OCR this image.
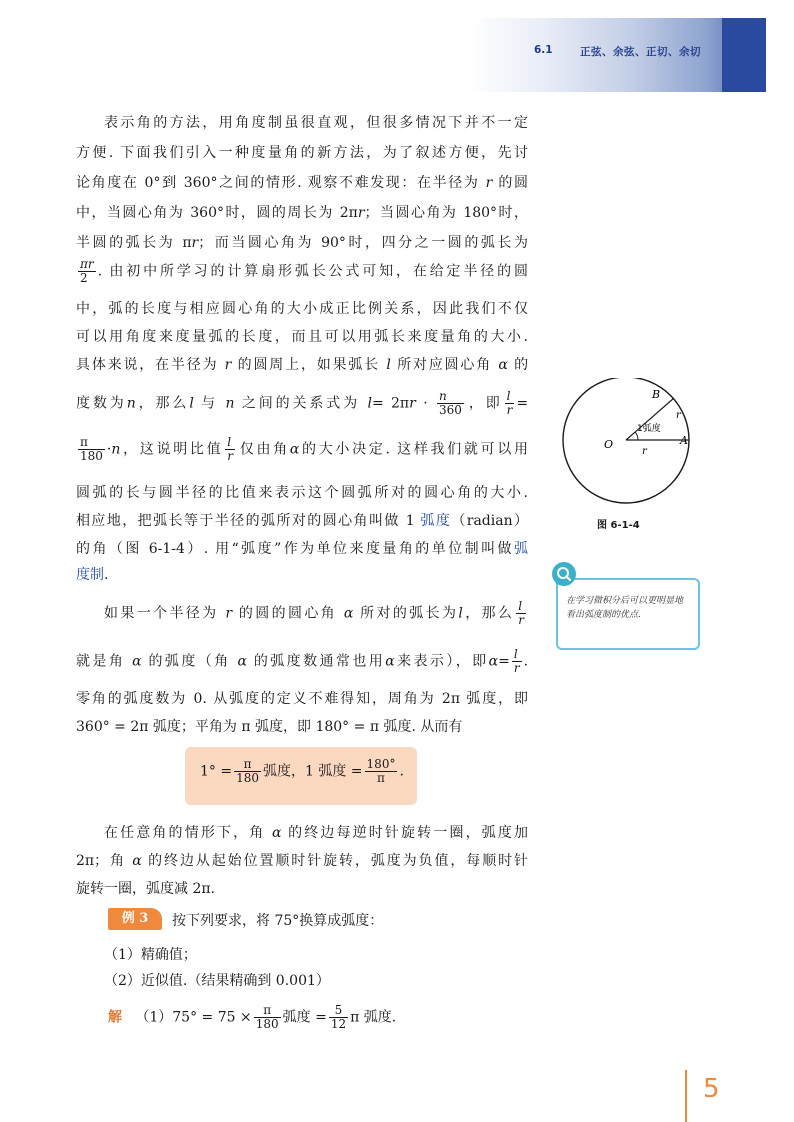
6.1	正弦、余弦、正切、余切
表示角的方法，用角度制虽很直观，但很多情况下并不一定
方便. 下面我们引入一种度量角的新方法，为了叙述方便，先讨
论角度在 0°到 360°之间的情形. 观察不难发现：在半径为 r 的圆
中，当圆心角为 360°时，圆的周长为 2πr；当圆心角为 180°时，
半圆的弧长为 πr；而当圆心角为 90°时，四分之一圆的弧长为
$\frac{\pi r}{2}$ . 由初中所学习的计算扇形弧长公式可知，在给定半径的圆
中，弧的长度与相应圆心角的大小成正比例关系，因此我们不仅
可以用角度来度量弧的长度，而且可以用弧长来度量角的大小.
具体来说，在半径为 r 的圆周上，如果弧长 l 所对应圆心角 α 的
度数为n，那么l 与 n 之间的关系式为 $l= 2\pi r \cdot \frac{n}{360}$ ，即 $\frac{l}{r}$ =
$\frac{\pi}{180} \cdot n$，这说明比值 $\frac{l}{r}$ 仅由角α的大小决定. 这样我们就可以用
圆弧的长与圆半径的比值来表示这个圆弧所对的圆心角的大小.
相应地，把弧长等于半径的弧所对的圆心角叫做 1 弧度（radian）
的角（图 6-1-4）. 用“弧度”作为单位来度量角的单位制叫做弧
度制.
如果一个半径为 r 的圆的圆心角 α 所对的弧长为l，那么 $\frac{l}{r}$
就是角 α 的弧度（角 α 的弧度数通常也用α来表示），即$\alpha= \frac{l}{r}$ .
零角的弧度数为 0. 从弧度的定义不难得知，周角为 2π 弧度，即
360° = 2π 弧度；平角为 π 弧度，即 180° = π 弧度. 从而有
$1^\circ = \frac{\pi}{180}$ 弧度，1 弧度 = $\frac{180^\circ}{\pi}$ .
在任意角的情形下，角 α 的终边每逆时针旋转一圈，弧度加
2π；角 α 的终边从起始位置顺时针旋转，弧度为负值，每顺时针
旋转一圈，弧度减 2π.
例 3	按下列要求，将 75°换算成弧度：
（1）精确值；
（2）近似值.（结果精确到 0.001）
解 $(1)75^\circ = 75 \times \frac{\pi}{180}$ 弧度 = $\frac{5}{12}$ π 弧度.
B
O	A
r
r
1弧度
图 6-1-4
在学习微积分后可以更明显地看出弧度制的优点.
5
